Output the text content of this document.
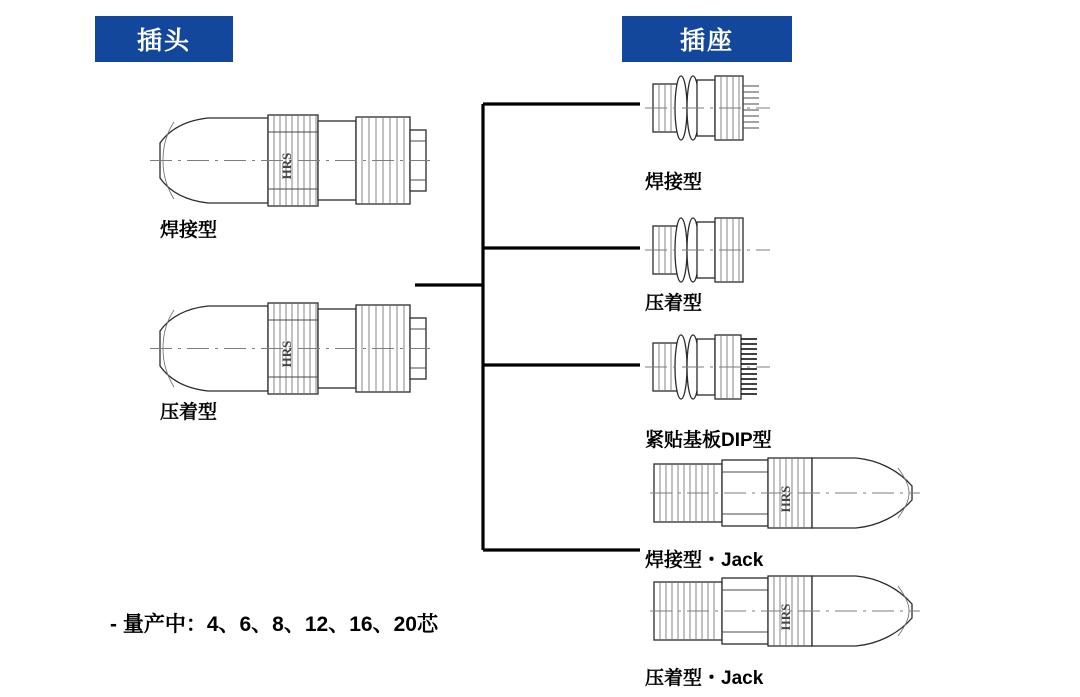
插头	插座
HRS
焊接型
HRS
压着型
- 量产中：4、6、8、12、16、20芯
焊接型
压着型
紧贴基板DIP型
HRS
焊接型・Jack
HRS
压着型・Jack
